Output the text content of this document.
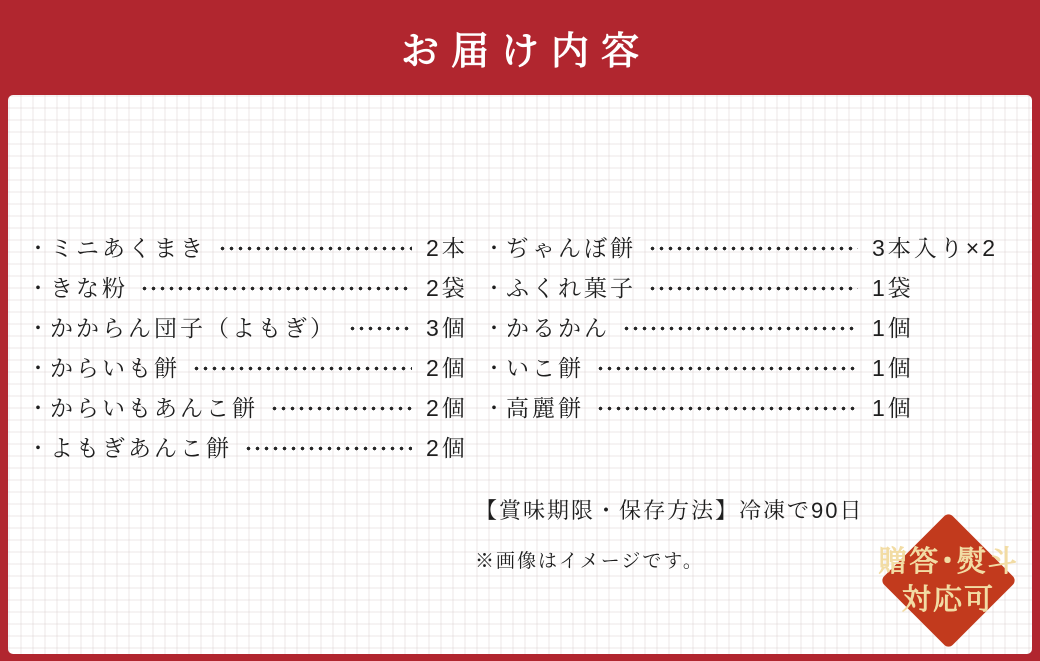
お届け内容
・ ミニあくまき	2本
・ きな粉	2袋
・ かからん団子（よもぎ）	3個
・ からいも餅	2個
・ からいもあんこ餅	2個
・ よもぎあんこ餅	2個
・ ぢゃんぼ餅	3本入り×2
・ ふくれ菓子	1袋
・ かるかん	1個
・ いこ餅	1個
・ 高麗餅	1個
【賞味期限・保存方法】冷凍で90日
※画像はイメージです。	贈答･熨斗
対応可
